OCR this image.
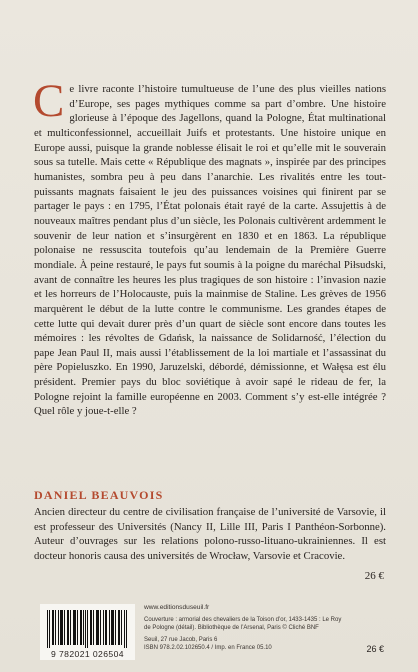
Ce livre raconte l’histoire tumultueuse de l’une des plus vieilles nations d’Europe, ses pages mythiques comme sa part d’ombre. Une histoire glorieuse à l’époque des Jagellons, quand la Pologne, État multinational et multiconfessionnel, accueillait Juifs et protestants. Une histoire unique en Europe aussi, puisque la grande noblesse élisait le roi et qu’elle mit le souverain sous sa tutelle. Mais cette « République des magnats », inspirée par des principes humanistes, sombra peu à peu dans l’anarchie. Les rivalités entre les tout-puissants magnats faisaient le jeu des puissances voisines qui finirent par se partager le pays : en 1795, l’État polonais était rayé de la carte. Assujettis à de nouveaux maîtres pendant plus d’un siècle, les Polonais cultivèrent ardemment le souvenir de leur nation et s’insurgèrent en 1830 et en 1863. La république polonaise ne ressuscita toutefois qu’au lendemain de la Première Guerre mondiale. À peine restauré, le pays fut soumis à la poigne du maréchal Piłsudski, avant de connaître les heures les plus tragiques de son histoire : l’invasion nazie et les horreurs de l’Holocauste, puis la mainmise de Staline. Les grèves de 1956 marquèrent le début de la lutte contre le communisme. Les grandes étapes de cette lutte qui devait durer près d’un quart de siècle sont encore dans toutes les mémoires : les révoltes de Gdańsk, la naissance de Solidarność, l’élection du pape Jean Paul II, mais aussi l’établissement de la loi martiale et l’assassinat du père Popieluszko. En 1990, Jaruzelski, débordé, démissionne, et Wałęsa est élu président. Premier pays du bloc soviétique à avoir sapé le rideau de fer, la Pologne rejoint la famille européenne en 2003. Comment s’y est-elle intégrée ? Quel rôle y joue-t-elle ?

DANIEL BEAUVOIS
26 €

Ancien directeur du centre de civilisation française de l’université de Varsovie, il est professeur des Universités (Nancy II, Lille III, Paris I Panthéon-Sorbonne). Auteur d’ouvrages sur les relations polono-russo-lituano-ukrainiennes. Il est docteur honoris causa des universités de Wrocław, Varsovie et Cracovie.

9 782021 026504
www.editionsduseuil.fr
Couverture : armorial des chevaliers de la Toison d’or, 1433-1435 : Le Roy de Pologne (détail). Bibliothèque de l’Arsenal, Paris © Cliché BNF
Seuil, 27 rue Jacob, Paris 6
ISBN 978.2.02.102650.4 / Imp. en France 05.10	26 €
